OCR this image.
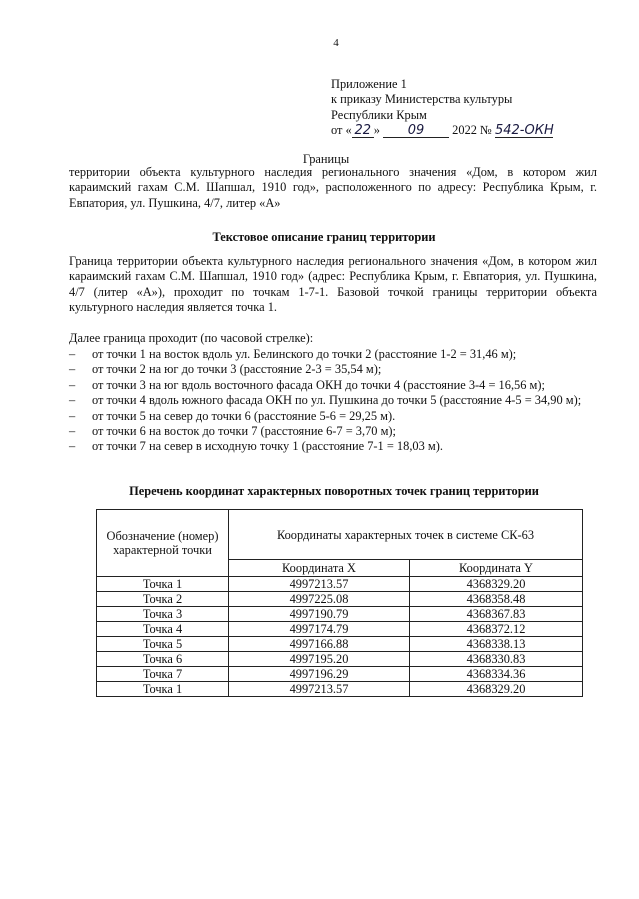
4
Приложение 1
к приказу Министерства культуры
Республики Крым
от « 22 » 09 2022 № 542-ОКН
Границы
территории объекта культурного наследия регионального значения «Дом, в котором жил караимский гахам С.М. Шапшал, 1910 год», расположенного по адресу: Республика Крым, г. Евпатория, ул. Пушкина, 4/7, литер «А»
Текстовое описание границ территории
Граница территории объекта культурного наследия регионального значения «Дом, в котором жил караимский гахам С.М. Шапшал, 1910 год» (адрес: Республика Крым, г. Евпатория, ул. Пушкина, 4/7 (литер «А»), проходит по точкам 1-7-1. Базовой точкой границы территории объекта культурного наследия является точка 1.
Далее граница проходит (по часовой стрелке):
– от точки 1 на восток вдоль ул. Белинского до точки 2 (расстояние 1-2 = 31,46 м);
– от точки 2 на юг до точки 3 (расстояние 2-3 = 35,54 м);
– от точки 3 на юг вдоль восточного фасада ОКН до точки 4 (расстояние 3-4 = 16,56 м);
– от точки 4 вдоль южного фасада ОКН по ул. Пушкина до точки 5 (расстояние 4-5 = 34,90 м);
– от точки 5 на север до точки 6 (расстояние 5-6 = 29,25 м).
– от точки 6 на восток до точки 7 (расстояние 6-7 = 3,70 м);
– от точки 7 на север в исходную точку 1 (расстояние 7-1 = 18,03 м).
Перечень координат характерных поворотных точек границ территории
Обозначение (номер) характерной точки	Координаты характерных точек в системе СК-63	
	Координата X	Координата Y
Точка 1	4997213.57	4368329.20
Точка 2	4997225.08	4368358.48
Точка 3	4997190.79	4368367.83
Точка 4	4997174.79	4368372.12
Точка 5	4997166.88	4368338.13
Точка 6	4997195.20	4368330.83
Точка 7	4997196.29	4368334.36
Точка 1	4997213.57	4368329.20
